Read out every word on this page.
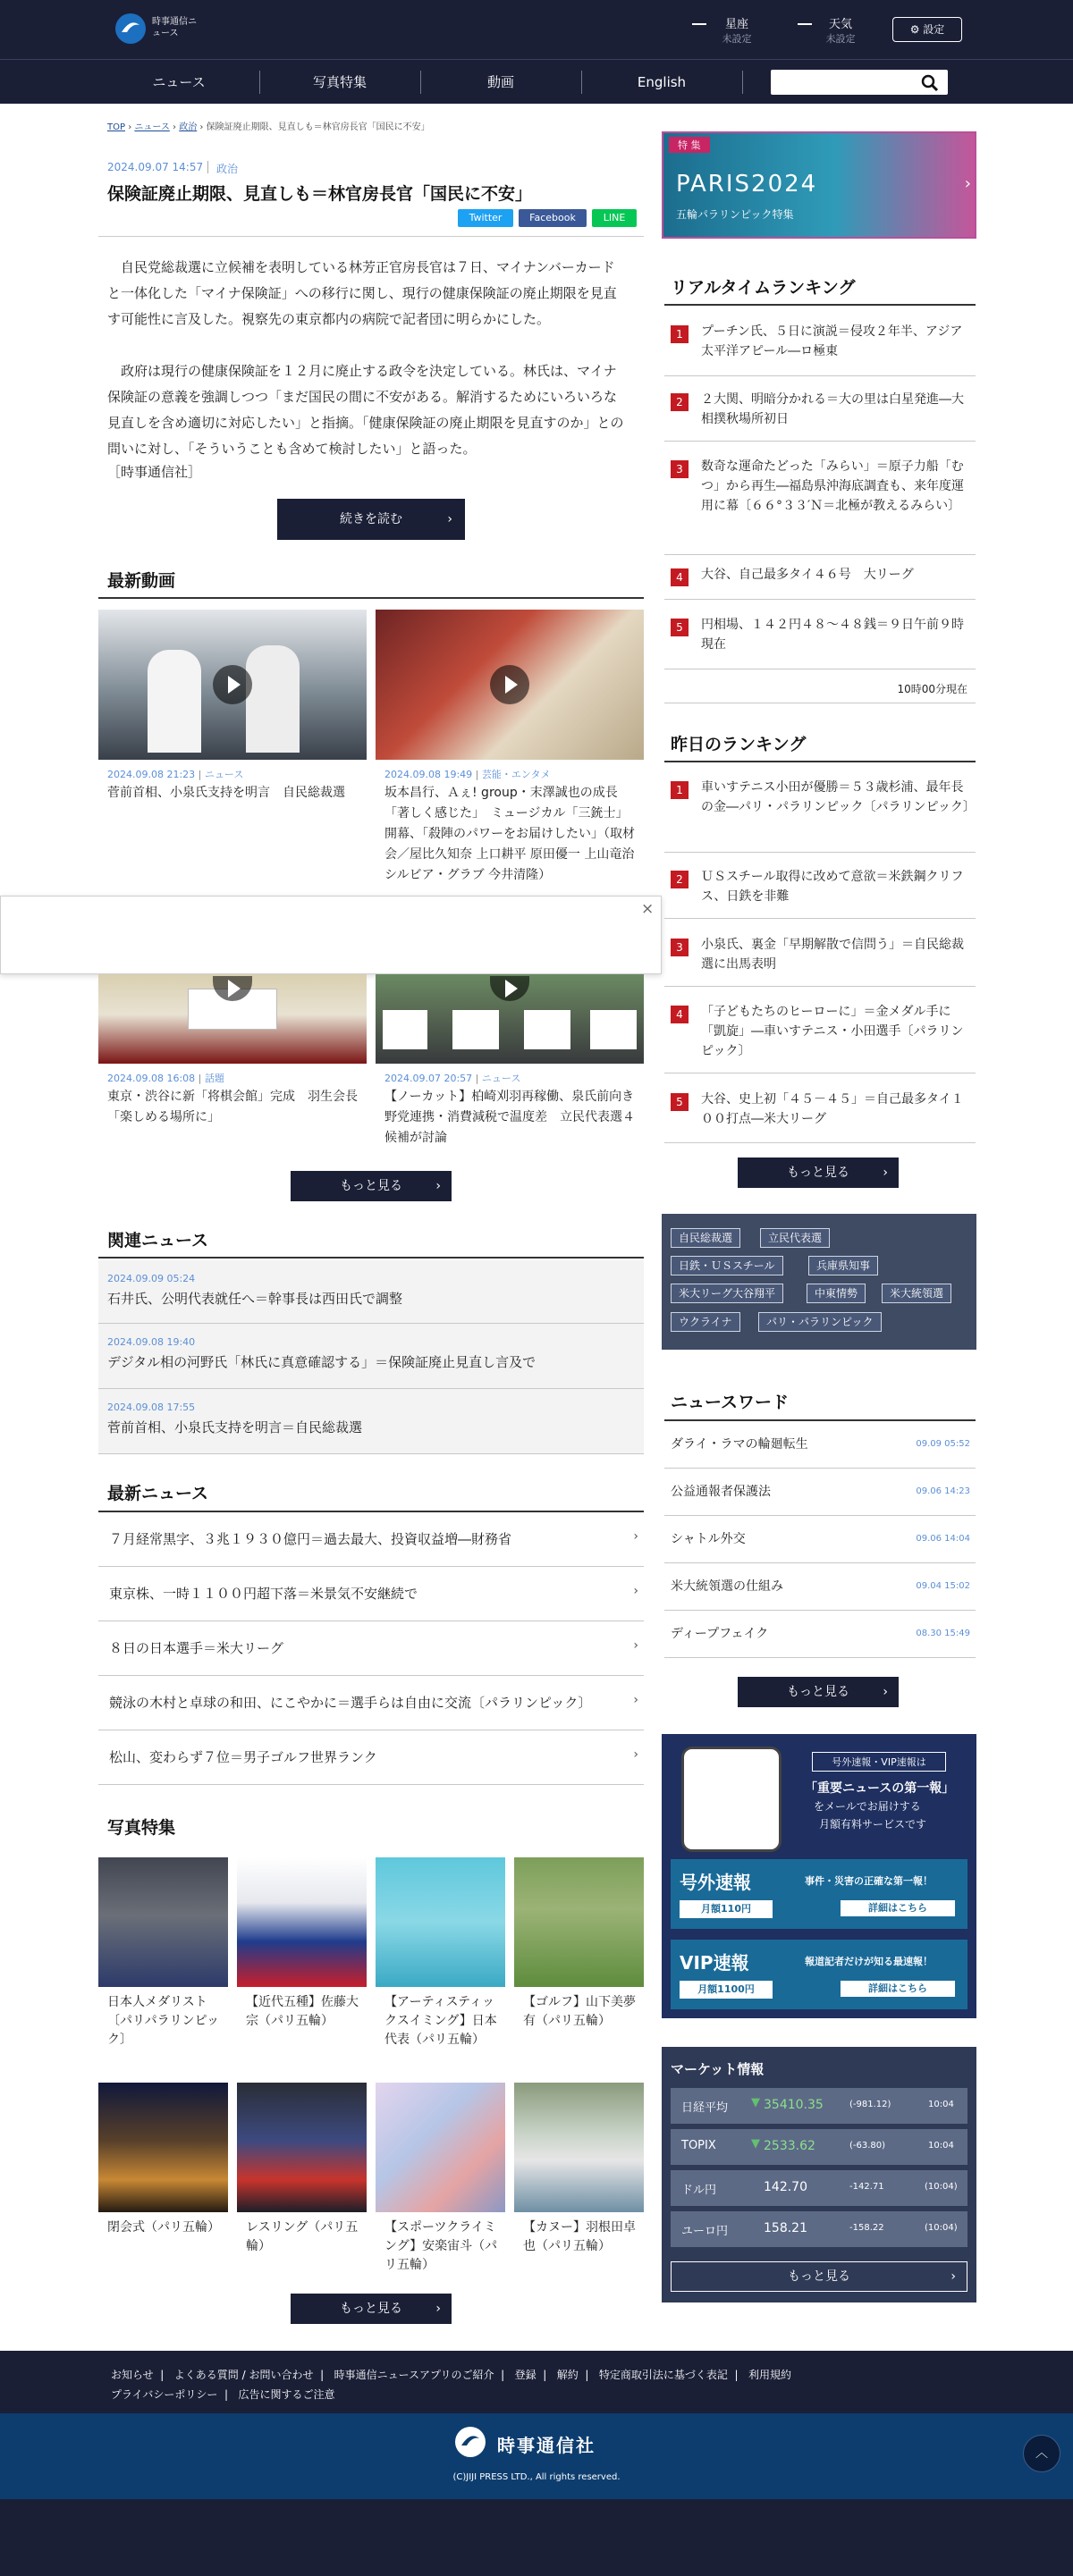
時事通信ニュース
星座
未設定
天気
未設定
⚙ 設定
ニュース	写真特集	動画	English
TOP › ニュース › 政治 › 保険証廃止期限、見直しも＝林官房長官「国民に不安」
2024.09.07 14:57 政治
保険証廃止期限、見直しも＝林官房長官「国民に不安」
Twitter	Facebook	LINE

自民党総裁選に立候補を表明している林芳正官房長官は７日、マイナンバーカードと一体化した「マイナ保険証」への移行に関し、現行の健康保険証の廃止期限を見直す可能性に言及した。視察先の東京都内の病院で記者団に明らかにした。

政府は現行の健康保険証を１２月に廃止する政令を決定している。林氏は、マイナ保険証の意義を強調しつつ「まだ国民の間に不安がある。解消するためにいろいろな見直しを含め適切に対応したい」と指摘。「健康保険証の廃止期限を見直すのか」との問いに対し、「そういうことも含めて検討したい」と語った。

［時事通信社］

続きを読む	›
最新動画
2024.09.08 21:23 | ニュース
菅前首相、小泉氏支持を明言　自民総裁選
2024.09.08 19:49 | 芸能・エンタメ
坂本昌行、Ａぇ! group・末澤誠也の成長「著しく感じた」　ミュージカル「三銃士」開幕、「殺陣のパワーをお届けしたい」（取材会／屋比久知奈 上口耕平 原田優一 上山竜治 シルビア・グラブ 今井清隆）
×
2024.09.08 16:08 | 話題
東京・渋谷に新「将棋会館」完成　羽生会長「楽しめる場所に」
2024.09.07 20:57 | ニュース
【ノーカット】柏崎刈羽再稼働、泉氏前向き　野党連携・消費減税で温度差　立民代表選４候補が討論
もっと見る	›
関連ニュース
2024.09.09 05:24
石井氏、公明代表就任へ＝幹事長は西田氏で調整
2024.09.08 19:40
デジタル相の河野氏「林氏に真意確認する」＝保険証廃止見直し言及で
2024.09.08 17:55
菅前首相、小泉氏支持を明言＝自民総裁選
最新ニュース
７月経常黒字、３兆１９３０億円＝過去最大、投資収益増―財務省	›
東京株、一時１１００円超下落＝米景気不安継続で	›
８日の日本選手＝米大リーグ	›
競泳の木村と卓球の和田、にこやかに＝選手らは自由に交流〔パラリンピック〕	›
松山、変わらず７位＝男子ゴルフ世界ランク	›
写真特集
日本人メダリスト〔パリパラリンピック〕
【近代五種】佐藤大宗（パリ五輪）
【アーティスティックスイミング】日本代表（パリ五輪）
【ゴルフ】山下美夢有（パリ五輪）
閉会式（パリ五輪） レスリング（パリ五輪）
【スポーツクライミング】安楽宙斗（パリ五輪）
【カヌー】羽根田卓也（パリ五輪）
もっと見る	›
特 集
PARIS2024
五輪パラリンピック特集
›
リアルタイムランキング
1	プーチン氏、５日に演説＝侵攻２年半、アジア太平洋アピール―ロ極東
2	２大関、明暗分かれる＝大の里は白星発進―大相撲秋場所初日
3	数奇な運命たどった「みらい」＝原子力船「むつ」から再生―福島県沖海底調査も、来年度運用に幕〔６６°３３′Ｎ＝北極が教えるみらい〕
4	大谷、自己最多タイ４６号　大リーグ
5	円相場、１４２円４８～４８銭＝９日午前９時現在
10時00分現在
昨日のランキング
1	車いすテニス小田が優勝＝５３歳杉浦、最年長の金―パリ・パラリンピック〔パラリンピック〕
2	ＵＳスチール取得に改めて意欲＝米鉄鋼クリフス、日鉄を非難
3	小泉氏、裏金「早期解散で信問う」＝自民総裁選に出馬表明
4	「子どもたちのヒーローに」＝金メダル手に「凱旋」―車いすテニス・小田選手〔パラリンピック〕
5	大谷、史上初「４５－４５」＝自己最多タイ１００打点―米大リーグ
もっと見る	›
自民総裁選	立民代表選
日鉄・ＵＳスチール	兵庫県知事
米大リーグ大谷翔平	中東情勢	米大統領選
ウクライナ	パリ・パラリンピック
ニュースワード
ダライ・ラマの輪廻転生	09.09 05:52
公益通報者保護法	09.06 14:23
シャトル外交	09.06 14:04
米大統領選の仕組み	09.04 15:02
ディープフェイク	08.30 15:49
もっと見る	›
号外速報・VIP速報は
「重要ニュースの第一報」
をメールでお届けする
月額有料サービスです
号外速報
月額110円
事件・災害の正確な第一報！
詳細はこちら
VIP速報
月額1100円
報道記者だけが知る最速報！
詳細はこちら
マーケット情報
日経平均 ▼ 35410.35	(-981.12)	10:04
TOPIX	▼ 2533.62	(-63.80)	10:04
ドル円	142.70	-142.71	(10:04)
ユーロ円	158.21	-158.22	(10:04)
もっと見る	›
お知らせ  |   よくある質問 / お問い合わせ  |   時事通信ニュースアプリのご紹介  |   登録  |   解約  |   特定商取引法に基づく表記  |   利用規約
プライバシーポリシー  |   広告に関するご注意
時事通信社
(C)JIJI PRESS LTD., All rights reserved.
︿
